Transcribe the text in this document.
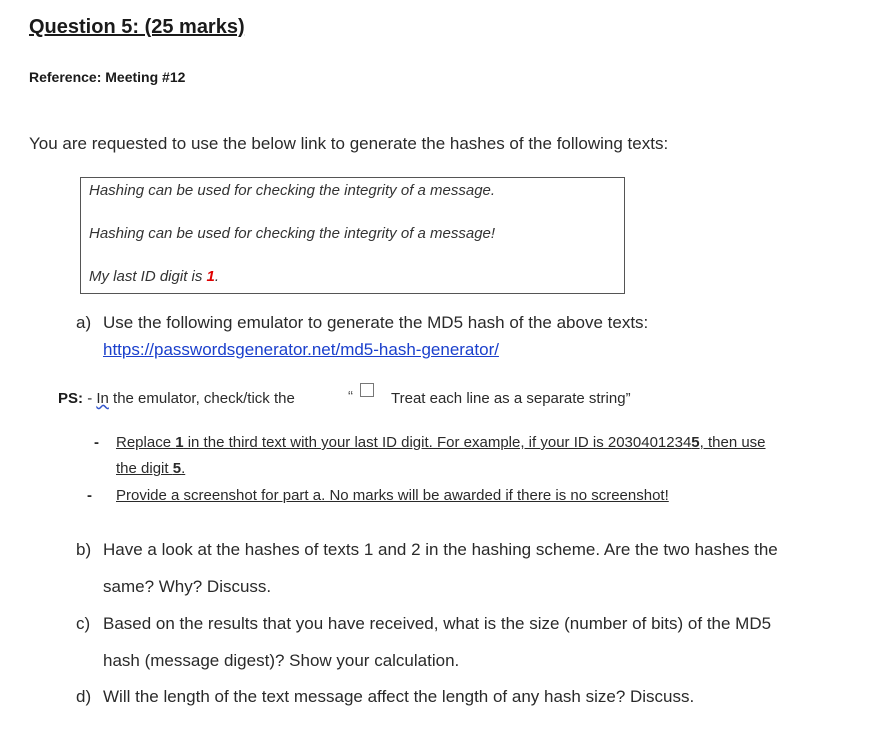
Question 5: (25 marks)
Reference: Meeting #12
You are requested to use the below link to generate the hashes of the following texts:
Hashing can be used for checking the integrity of a message.
Hashing can be used for checking the integrity of a message!
My last ID digit is 1.
a) Use the following emulator to generate the MD5 hash of the above texts:
https://passwordsgenerator.net/md5-hash-generator/
PS: - In the emulator, check/tick the	“	Treat each line as a separate string”
- Replace 1 in the third text with your last ID digit. For example, if your ID is 20304012345, then use
the digit 5.
- Provide a screenshot for part a. No marks will be awarded if there is no screenshot!
b) Have a look at the hashes of texts 1 and 2 in the hashing scheme. Are the two hashes the
same? Why? Discuss.
c) Based on the results that you have received, what is the size (number of bits) of the MD5
hash (message digest)? Show your calculation.
d) Will the length of the text message affect the length of any hash size? Discuss.
